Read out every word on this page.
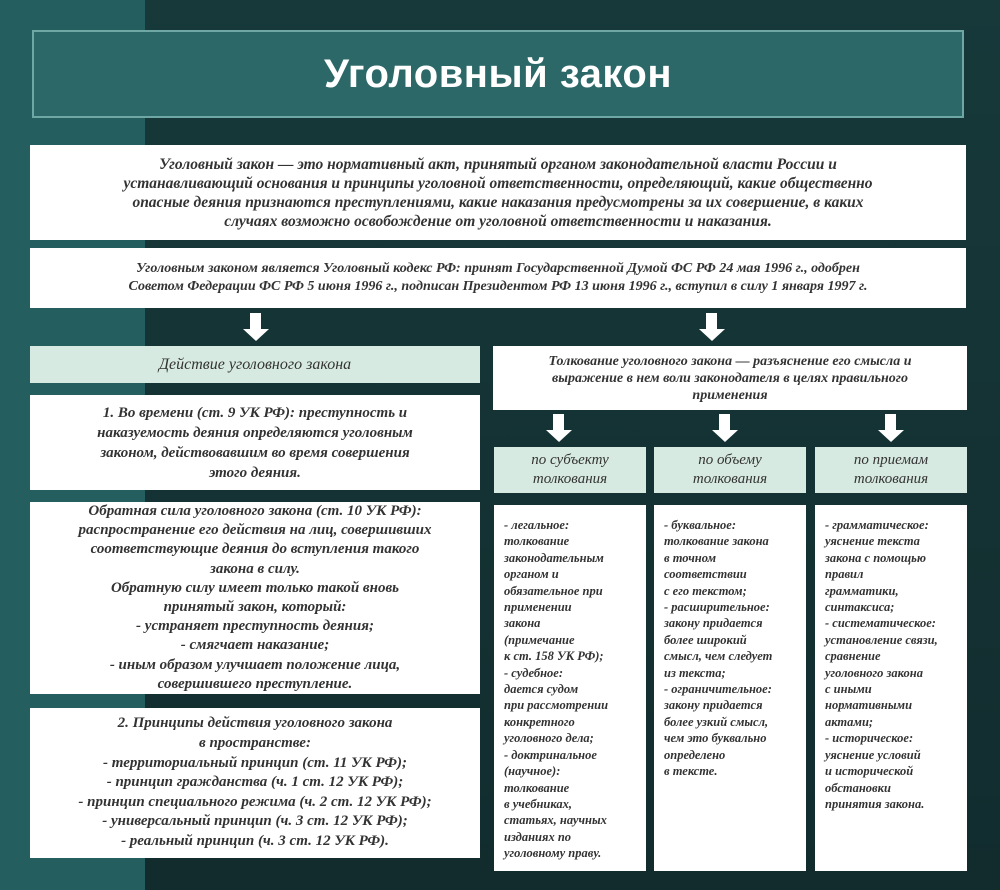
Уголовный закон
Уголовный закон — это нормативный акт, принятый органом законодательной власти России и
устанавливающий основания и принципы уголовной ответственности, определяющий, какие общественно
опасные деяния признаются преступлениями, какие наказания предусмотрены за их совершение, в каких
случаях возможно освобождение от уголовной ответственности и наказания.
Уголовным законом является Уголовный кодекс РФ: принят Государственной Думой ФС РФ 24 мая 1996 г., одобрен
Советом Федерации ФС РФ 5 июня 1996 г., подписан Президентом РФ 13 июня 1996 г., вступил в силу 1 января 1997 г.
Действие уголовного закона	Толкование уголовного закона — разъяснение его смысла и
выражение в нем воли законодателя в целях правильного
применения
1. Во времени (ст. 9 УК РФ): преступность и
наказуемость деяния определяются уголовным
законом, действовавшим во время совершения
этого деяния.
Обратная сила уголовного закона (ст. 10 УК РФ):
распространение его действия на лиц, совершивших
соответствующие деяния до вступления такого
закона в силу.
Обратную силу имеет только такой вновь
принятый закон, который:
- устраняет преступность деяния;
- смягчает наказание;
- иным образом улучшает положение лица,
совершившего преступление.
2. Принципы действия уголовного закона
в пространстве:
- территориальный принцип (ст. 11 УК РФ);
- принцип гражданства (ч. 1 ст. 12 УК РФ);
- принцип специального режима (ч. 2 ст. 12 УК РФ);
- универсальный принцип (ч. 3 ст. 12 УК РФ);
- реальный принцип (ч. 3 ст. 12 УК РФ).
по субъекту
толкования
по объему
толкования
по приемам
толкования
- легальное:
толкование
законодательным
органом и
обязательное при
применении
закона
(примечание
к ст. 158 УК РФ);
- судебное:
дается судом
при рассмотрении
конкретного
уголовного дела;
- доктринальное
(научное):
толкование
в учебниках,
статьях, научных
изданиях по
уголовному праву.
- буквальное:
толкование закона
в точном
соответствии
с его текстом;
- расширительное:
закону придается
более широкий
смысл, чем следует
из текста;
- ограничительное:
закону придается
более узкий смысл,
чем это буквально
определено
в тексте.
- грамматическое:
уяснение текста
закона с помощью
правил
грамматики,
синтаксиса;
- систематическое:
установление связи,
сравнение
уголовного закона
с иными
нормативными
актами;
- историческое:
уяснение условий
и исторической
обстановки
принятия закона.
